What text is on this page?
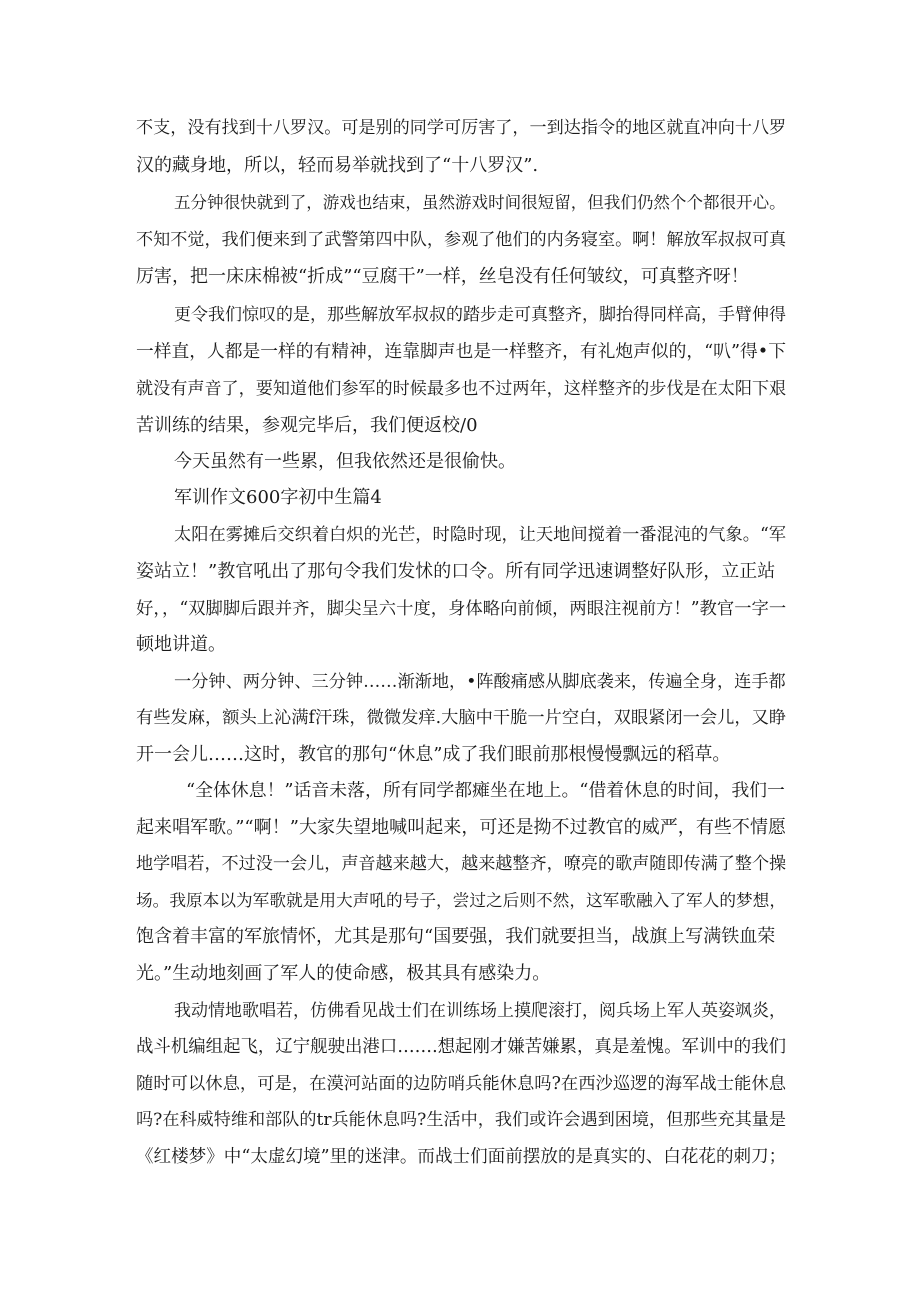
不支，没有找到十八罗汉。可是别的同学可厉害了，一到达指令的地区就直冲向十八罗
汉的藏身地，所以，轻而易举就找到了“十八罗汉”.
五分钟很快就到了，游戏也结束，虽然游戏时间很短留，但我们仍然个个都很开心。
不知不觉，我们便来到了武警第四中队，参观了他们的内务寝室。啊！解放军叔叔可真
厉害，把一床床棉被“折成”“豆腐干”一样，丝皂没有任何皱纹，可真整齐呀！
更令我们惊叹的是，那些解放军叔叔的踏步走可真整齐，脚抬得同样高，手臂伸得
一样直，人都是一样的有精神，连靠脚声也是一样整齐，有礼炮声似的，“叭”得•下
就没有声音了，要知道他们参军的时候最多也不过两年，这样整齐的步伐是在太阳下艰
苦训练的结果，参观完毕后，我们便返校/0
今天虽然有一些累，但我依然还是很偷快。
军训作文600字初中生篇4
太阳在雾摊后交织着白炽的光芒，时隐时现，让天地间搅着一番混沌的气象。“军
姿站立！”教官吼出了那句令我们发怵的口令。所有同学迅速调整好队形，立正站
好，，“双脚脚后跟并齐，脚尖呈六十度，身体略向前倾，两眼注视前方！”教官一字一
顿地讲道。
一分钟、两分钟、三分钟……渐渐地，•阵酸痛感从脚底袭来，传遍全身，连手都
有些发麻，额头上沁满f汗珠，微微发痒.大脑中干脆一片空白，双眼紧闭一会儿，又睁
开一会儿……这时，教官的那句“休息”成了我们眼前那根慢慢飘远的稻草。
“全体休息！”话音未落，所有同学都瘫坐在地上。“借着休息的时间，我们一
起来唱军歌。”“啊！”大家失望地喊叫起来，可还是拗不过教官的威严，有些不情愿
地学唱若，不过没一会儿，声音越来越大，越来越整齐，嘹亮的歌声随即传满了整个操
场。我原本以为军歌就是用大声吼的号子，尝过之后则不然，这军歌融入了军人的梦想，
饱含着丰富的军旅情怀，尤其是那句“国要强，我们就要担当，战旗上写满铁血荣
光。”生动地刻画了军人的使命感，极其具有感染力。
我动情地歌唱若，仿佛看见战士们在训练场上摸爬滚打，阅兵场上军人英姿飒炎，
战斗机编组起飞，辽宁舰驶出港口…….想起刚才嫌苦嫌累，真是羞愧。军训中的我们
随时可以休息，可是，在漠河站面的边防哨兵能休息吗?在西沙巡逻的海军战士能休息
吗?在科威特维和部队的tr兵能休息吗?生活中，我们或许会遇到困境，但那些充其量是
《红楼梦》中“太虚幻境”里的迷津。而战士们面前摆放的是真实的、白花花的刺刀；
